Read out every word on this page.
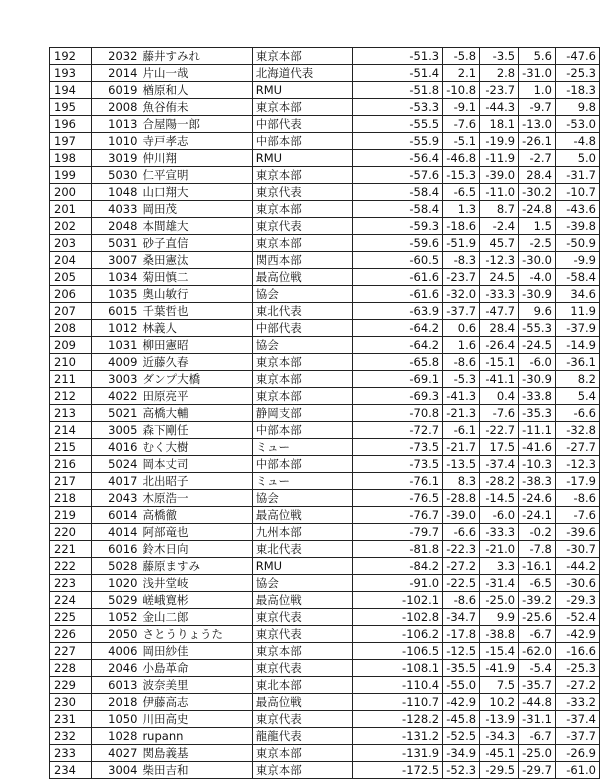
192	2032	藤井すみれ	東京本部	-51.3	-5.8	-3.5	5.6	-47.6
193	2014	片山一哉	北海道代表	-51.4	2.1	2.8	-31.0	-25.3
194	6019	楢原和人	RMU	-51.8	-10.8	-23.7	1.0	-18.3
195	2008	魚谷侑未	東京本部	-53.3	-9.1	-44.3	-9.7	9.8
196	1013	合屋陽一郎	中部代表	-55.5	-7.6	18.1	-13.0	-53.0
197	1010	寺戸孝志	中部本部	-55.9	-5.1	-19.9	-26.1	-4.8
198	3019	仲川翔	RMU	-56.4	-46.8	-11.9	-2.7	5.0
199	5030	仁平宣明	東京本部	-57.6	-15.3	-39.0	28.4	-31.7
200	1048	山口翔大	東京代表	-58.4	-6.5	-11.0	-30.2	-10.7
201	4033	岡田茂	東京本部	-58.4	1.3	8.7	-24.8	-43.6
202	2048	本間雄大	東京代表	-59.3	-18.6	-2.4	1.5	-39.8
203	5031	砂子直信	東京本部	-59.6	-51.9	45.7	-2.5	-50.9
204	3007	桑田憲汰	関西本部	-60.5	-8.3	-12.3	-30.0	-9.9
205	1034	菊田慎二	最高位戦	-61.6	-23.7	24.5	-4.0	-58.4
206	1035	奥山敏行	協会	-61.6	-32.0	-33.3	-30.9	34.6
207	6015	千葉哲也	東北代表	-63.9	-37.7	-47.7	9.6	11.9
208	1012	林義人	中部代表	-64.2	0.6	28.4	-55.3	-37.9
209	1031	柳田憲昭	協会	-64.2	1.6	-26.4	-24.5	-14.9
210	4009	近藤久春	東京本部	-65.8	-8.6	-15.1	-6.0	-36.1
211	3003	ダンプ大橋	東京本部	-69.1	-5.3	-41.1	-30.9	8.2
212	4022	田原亮平	東京本部	-69.3	-41.3	0.4	-33.8	5.4
213	5021	高橋大輔	静岡支部	-70.8	-21.3	-7.6	-35.3	-6.6
214	3005	森下剛任	中部本部	-72.7	-6.1	-22.7	-11.1	-32.8
215	4016	むく大樹	ミュー	-73.5	-21.7	17.5	-41.6	-27.7
216	5024	岡本丈司	中部本部	-73.5	-13.5	-37.4	-10.3	-12.3
217	4017	北出昭子	ミュー	-76.1	8.3	-28.2	-38.3	-17.9
218	2043	木原浩一	協会	-76.5	-28.8	-14.5	-24.6	-8.6
219	6014	高橋徹	最高位戦	-76.7	-39.0	-6.0	-24.1	-7.6
220	4014	阿部竜也	九州本部	-79.7	-6.6	-33.3	-0.2	-39.6
221	6016	鈴木日向	東北代表	-81.8	-22.3	-21.0	-7.8	-30.7
222	5028	藤原ますみ	RMU	-84.2	-27.2	3.3	-16.1	-44.2
223	1020	浅井堂岐	協会	-91.0	-22.5	-31.4	-6.5	-30.6
224	5029	嵯峨寛彬	最高位戦	-102.1	-8.6	-25.0	-39.2	-29.3
225	1052	金山二郎	東京代表	-102.8	-34.7	9.9	-25.6	-52.4
226	2050	さとうりょうた	東京代表	-106.2	-17.8	-38.8	-6.7	-42.9
227	4006	岡田紗佳	東京本部	-106.5	-12.5	-15.4	-62.0	-16.6
228	2046	小島革命	東京代表	-108.1	-35.5	-41.9	-5.4	-25.3
229	6013	波奈美里	東北本部	-110.4	-55.0	7.5	-35.7	-27.2
230	2018	伊藤高志	最高位戦	-110.7	-42.9	10.2	-44.8	-33.2
231	1050	川田高史	東京代表	-128.2	-45.8	-13.9	-31.1	-37.4
232	1028	rupann	龍龍代表	-131.2	-52.5	-34.3	-6.7	-37.7
233	4027	関島義基	東京本部	-131.9	-34.9	-45.1	-25.0	-26.9
234	3004	柴田吉和	東京本部	-172.5	-52.3	-29.5	-29.7	-61.0
